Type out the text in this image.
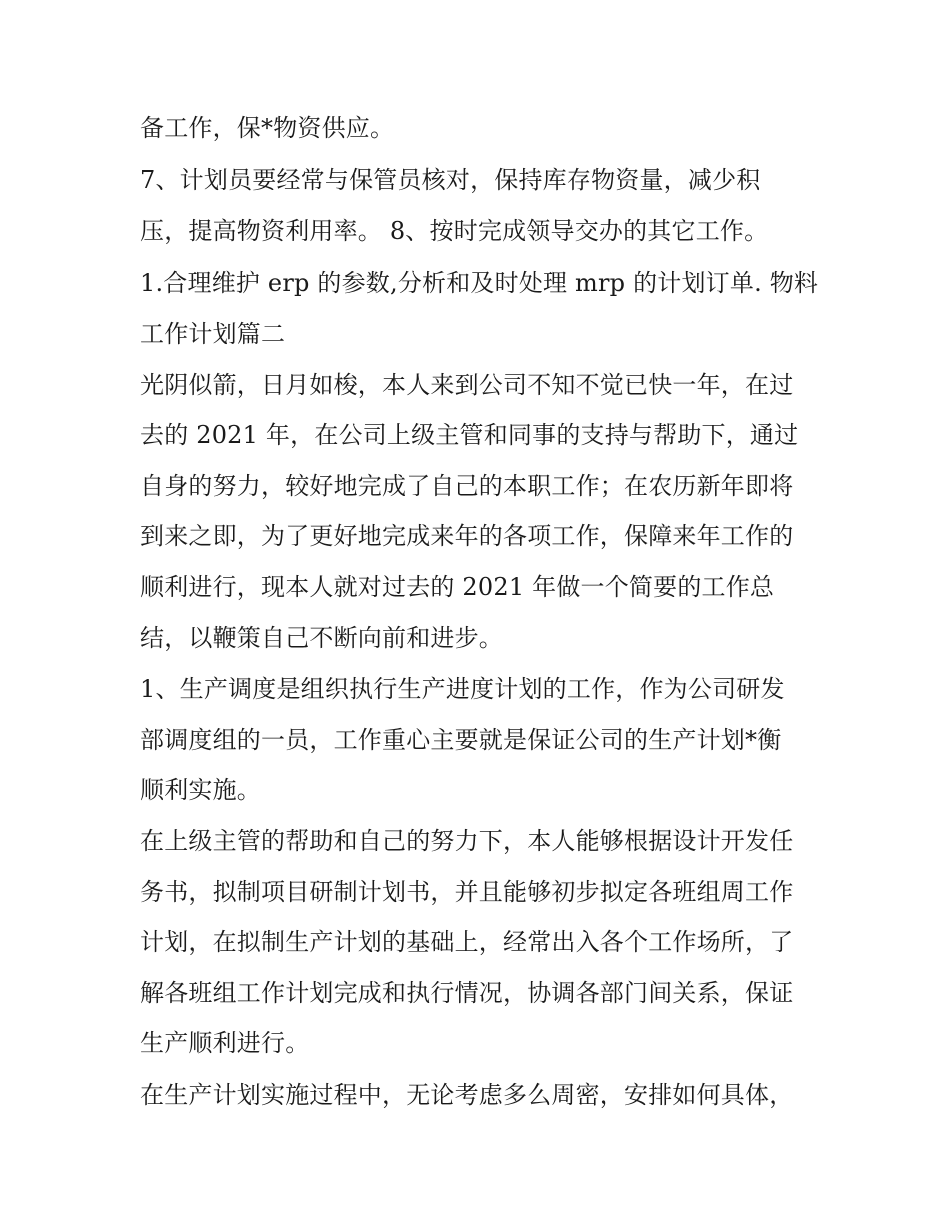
备工作，保*物资供应。
7、计划员要经常与保管员核对，保持库存物资量，减少积
压，提高物资利用率。 8、按时完成领导交办的其它工作。
1.合理维护 erp 的参数,分析和及时处理 mrp 的计划订单. 物料
工作计划篇二
光阴似箭，日月如梭，本人来到公司不知不觉已快一年，在过
去的 2021 年，在公司上级主管和同事的支持与帮助下，通过
自身的努力，较好地完成了自己的本职工作；在农历新年即将
到来之即，为了更好地完成来年的各项工作，保障来年工作的
顺利进行，现本人就对过去的 2021 年做一个简要的工作总
结，以鞭策自己不断向前和进步。
1、生产调度是组织执行生产进度计划的工作，作为公司研发
部调度组的一员，工作重心主要就是保证公司的生产计划*衡
顺利实施。
在上级主管的帮助和自己的努力下，本人能够根据设计开发任
务书，拟制项目研制计划书，并且能够初步拟定各班组周工作
计划，在拟制生产计划的基础上，经常出入各个工作场所，了
解各班组工作计划完成和执行情况，协调各部门间关系，保证
生产顺利进行。
在生产计划实施过程中，无论考虑多么周密，安排如何具体，
